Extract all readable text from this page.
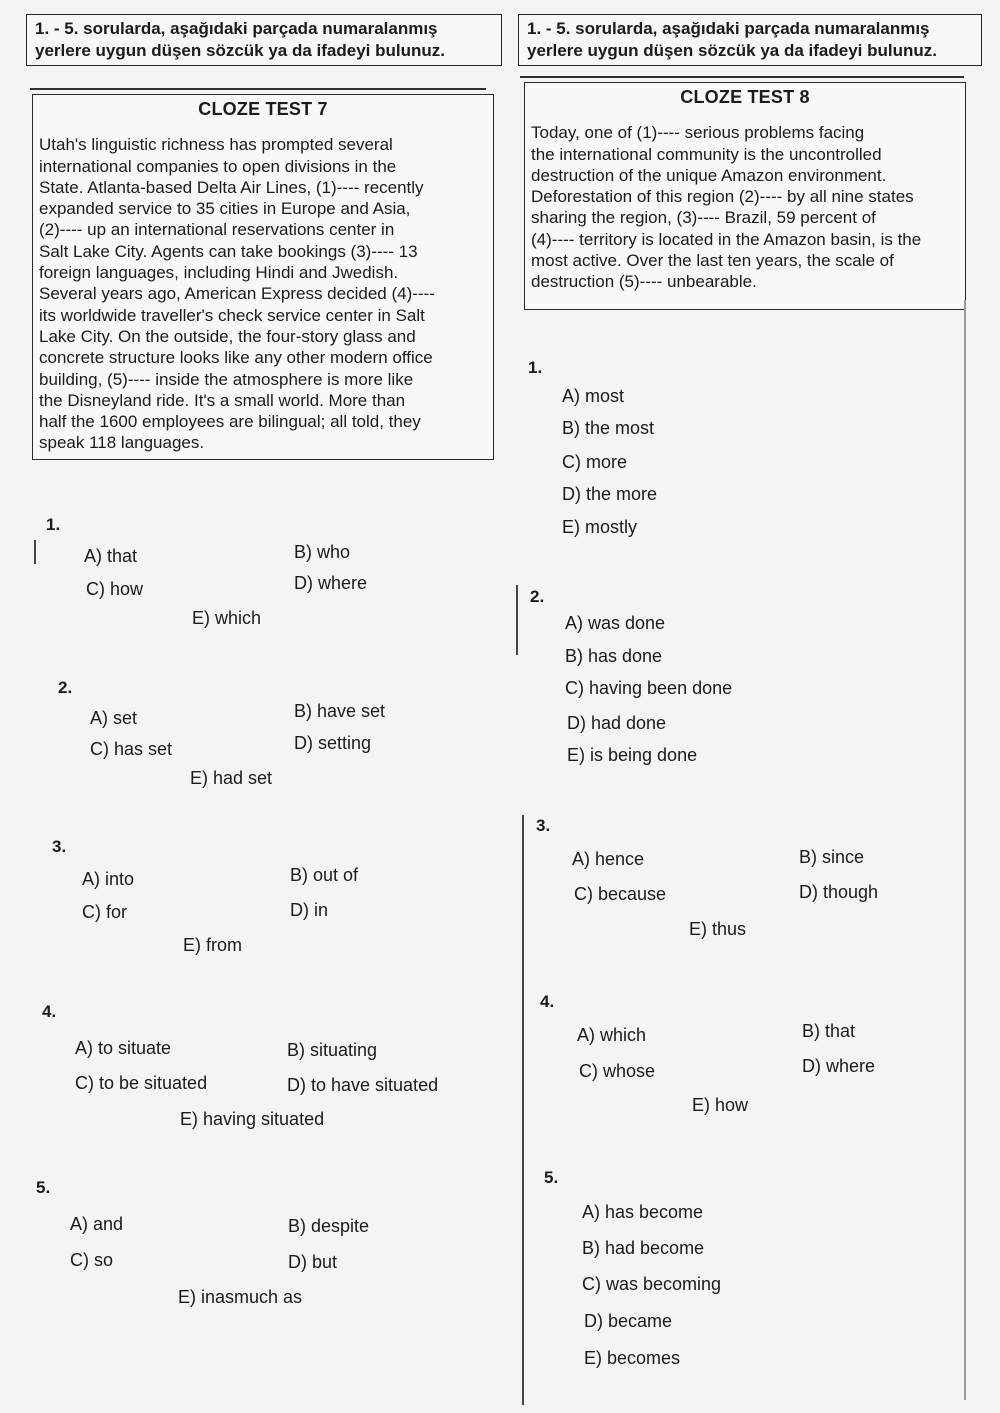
1. - 5. sorularda, aşağıdaki parçada numaralanmış
yerlere uygun düşen sözcük ya da ifadeyi bulunuz.
1. - 5. sorularda, aşağıdaki parçada numaralanmış
yerlere uygun düşen sözcük ya da ifadeyi bulunuz.
CLOZE TEST 7
Utah's linguistic richness has prompted several
international companies to open divisions in the
State. Atlanta-based Delta Air Lines, (1)---- recently
expanded service to 35 cities in Europe and Asia,
(2)---- up an international reservations center in
Salt Lake City. Agents can take bookings (3)---- 13
foreign languages, including Hindi and Jwedish.
Several years ago, American Express decided (4)----
its worldwide traveller's check service center in Salt
Lake City. On the outside, the four-story glass and
concrete structure looks like any other modern office
building, (5)---- inside the atmosphere is more like
the Disneyland ride. It's a small world. More than
half the 1600 employees are bilingual; all told, they
speak 118 languages.
CLOZE TEST 8
Today, one of (1)---- serious problems facing
the international community is the uncontrolled
destruction of the unique Amazon environment.
Deforestation of this region (2)---- by all nine states
sharing the region, (3)---- Brazil, 59 percent of
(4)---- territory is located in the Amazon basin, is the
most active. Over the last ten years, the scale of
destruction (5)---- unbearable.
1.
A) that	B) who
C) how	D) where
E) which
2.
A) set	B) have set
C) has set	D) setting
E) had set
3.
A) into	B) out of
C) for	D) in
E) from
4.
A) to situate	B) situating
C) to be situated	D) to have situated
E) having situated
5.
A) and	B) despite
C) so	D) but
E) inasmuch as
1.
A) most
B) the most
C) more
D) the more
E) mostly
2.
A) was done
B) has done
C) having been done
D) had done
E) is being done
3.
A) hence	B) since
C) because	D) though
E) thus
4.
A) which	B) that
C) whose	D) where
E) how
5.
A) has become
B) had become
C) was becoming
D) became
E) becomes
